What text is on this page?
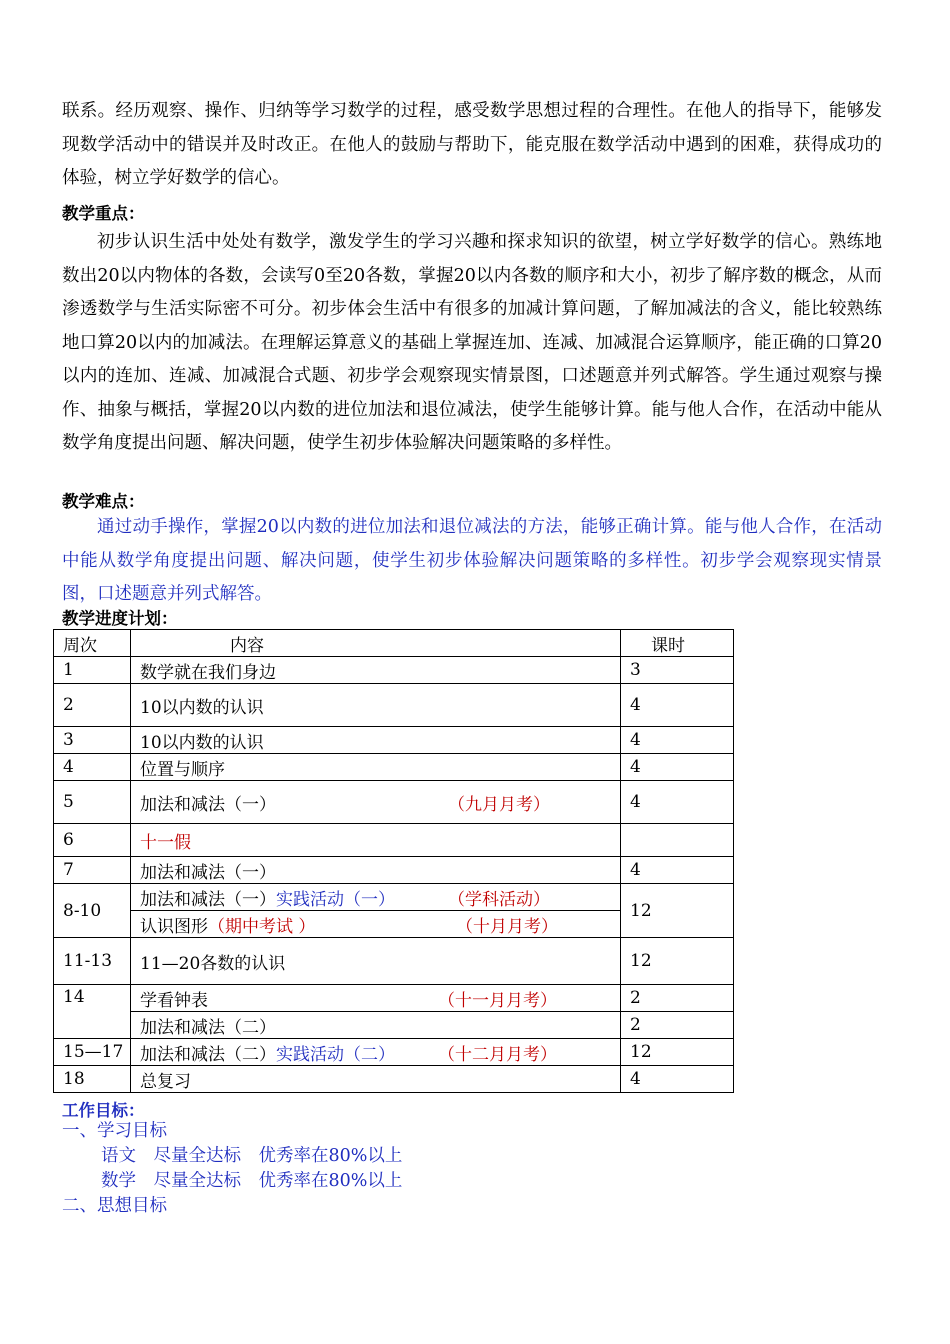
联系。经历观察、操作、归纳等学习数学的过程，感受数学思想过程的合理性。在他人的指导下，能够发现数学活动中的错误并及时改正。在他人的鼓励与帮助下，能克服在数学活动中遇到的困难，获得成功的体验，树立学好数学的信心。
教学重点：
初步认识生活中处处有数学，激发学生的学习兴趣和探求知识的欲望，树立学好数学的信心。熟练地数出20以内物体的各数，会读写0至20各数，掌握20以内各数的顺序和大小，初步了解序数的概念，从而渗透数学与生活实际密不可分。初步体会生活中有很多的加减计算问题，了解加减法的含义，能比较熟练地口算20以内的加减法。在理解运算意义的基础上掌握连加、连减、加减混合运算顺序，能正确的口算20以内的连加、连减、加减混合式题、初步学会观察现实情景图，口述题意并列式解答。学生通过观察与操作、抽象与概括，掌握20以内数的进位加法和退位减法，使学生能够计算。能与他人合作，在活动中能从数学角度提出问题、解决问题，使学生初步体验解决问题策略的多样性。
教学难点：
通过动手操作，掌握20以内数的进位加法和退位减法的方法，能够正确计算。能与他人合作，在活动中能从数学角度提出问题、解决问题，使学生初步体验解决问题策略的多样性。初步学会观察现实情景图，口述题意并列式解答。
教学进度计划：
周次	内容	课时
1	数学就在我们身边	3
2	10以内数的认识	4
3	10以内数的认识	4
4	位置与顺序	4
5	加法和减法（一） （九月月考）	4
6	十一假	
7	加法和减法（一）	4
8-10	加法和减法（一）实践活动（一） （学科活动）	12

	认识图形（期中考试 ） （十月月考）	

11-13	11—20各数的认识	12
14	学看钟表 （十一月月考）	2
	加法和减法（二）	2
15—17	加法和减法（二）实践活动（二） （十二月月考）	12
18	总复习	4
工作目标：
一、学习目标
语文　尽量全达标　优秀率在80%以上
数学　尽量全达标　优秀率在80%以上
二、思想目标
